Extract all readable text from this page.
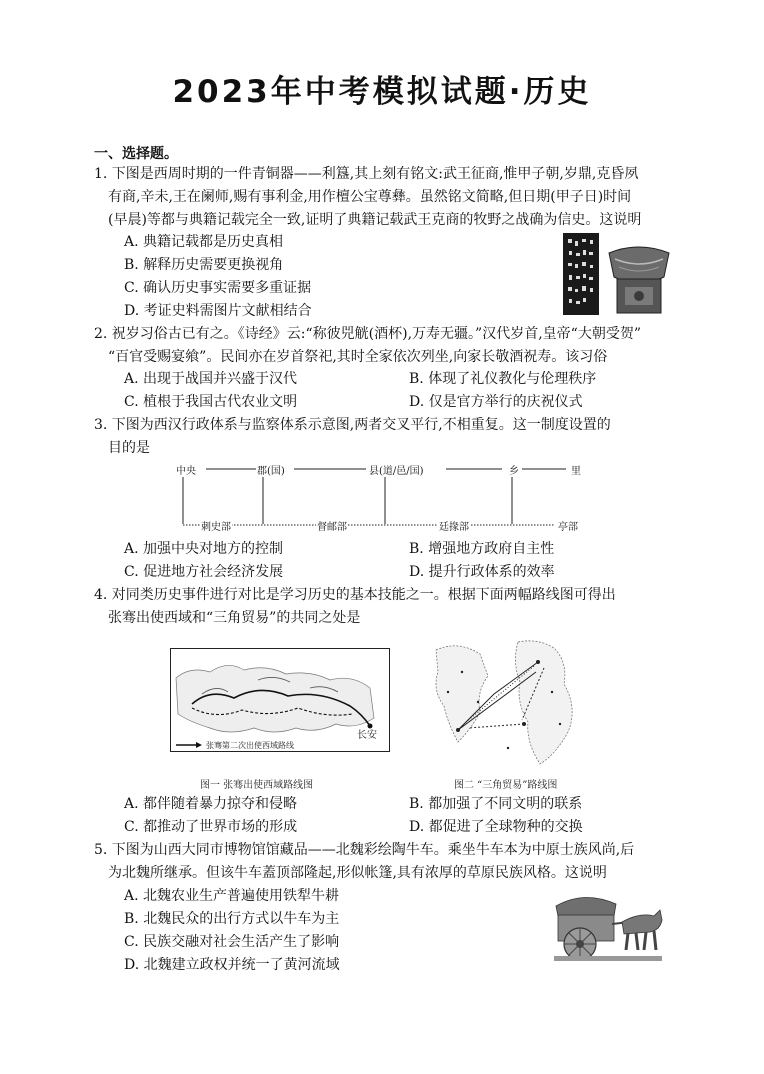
2023年中考模拟试题·历史
一、选择题。
1. 下图是西周时期的一件青铜器——利簋,其上刻有铭文:武王征商,惟甲子朝,岁鼎,克昏夙
有商,辛未,王在阑师,赐有事利金,用作檀公宝尊彝。虽然铭文简略,但日期(甲子日)时间
(早晨)等都与典籍记载完全一致,证明了典籍记载武王克商的牧野之战确为信史。这说明
A. 典籍记载都是历史真相
B. 解释历史需要更换视角
C. 确认历史事实需要多重证据
D. 考证史料需图片文献相结合
2. 祝岁习俗古已有之。《诗经》云:“称彼兕觥(酒杯),万寿无疆。”汉代岁首,皇帝“大朝受贺”
“百官受赐宴飨”。民间亦在岁首祭祀,其时全家依次列坐,向家长敬酒祝寿。该习俗
A. 出现于战国并兴盛于汉代	B. 体现了礼仪教化与伦理秩序
C. 植根于我国古代农业文明	D. 仅是官方举行的庆祝仪式
3. 下图为西汉行政体系与监察体系示意图,两者交叉平行,不相重复。这一制度设置的
目的是
中央	郡(国)	县(道/邑/国)	乡	里
刺史部	督邮部	廷掾部	亭部
A. 加强中央对地方的控制	B. 增强地方政府自主性
C. 促进地方社会经济发展	D. 提升行政体系的效率
4. 对同类历史事件进行对比是学习历史的基本技能之一。根据下面两幅路线图可得出
张骞出使西域和“三角贸易”的共同之处是
长安
张骞第二次出使西域路线
图一 张骞出使西域路线图	图二 “三角贸易”路线图
A. 都伴随着暴力掠夺和侵略	B. 都加强了不同文明的联系
C. 都推动了世界市场的形成	D. 都促进了全球物种的交换
5. 下图为山西大同市博物馆馆藏品——北魏彩绘陶牛车。乘坐牛车本为中原士族风尚,后
为北魏所继承。但该牛车蓋顶部隆起,形似帐篷,具有浓厚的草原民族风格。这说明
A. 北魏农业生产普遍使用铁犁牛耕
B. 北魏民众的出行方式以牛车为主
C. 民族交融对社会生活产生了影响
D. 北魏建立政权并统一了黄河流域
